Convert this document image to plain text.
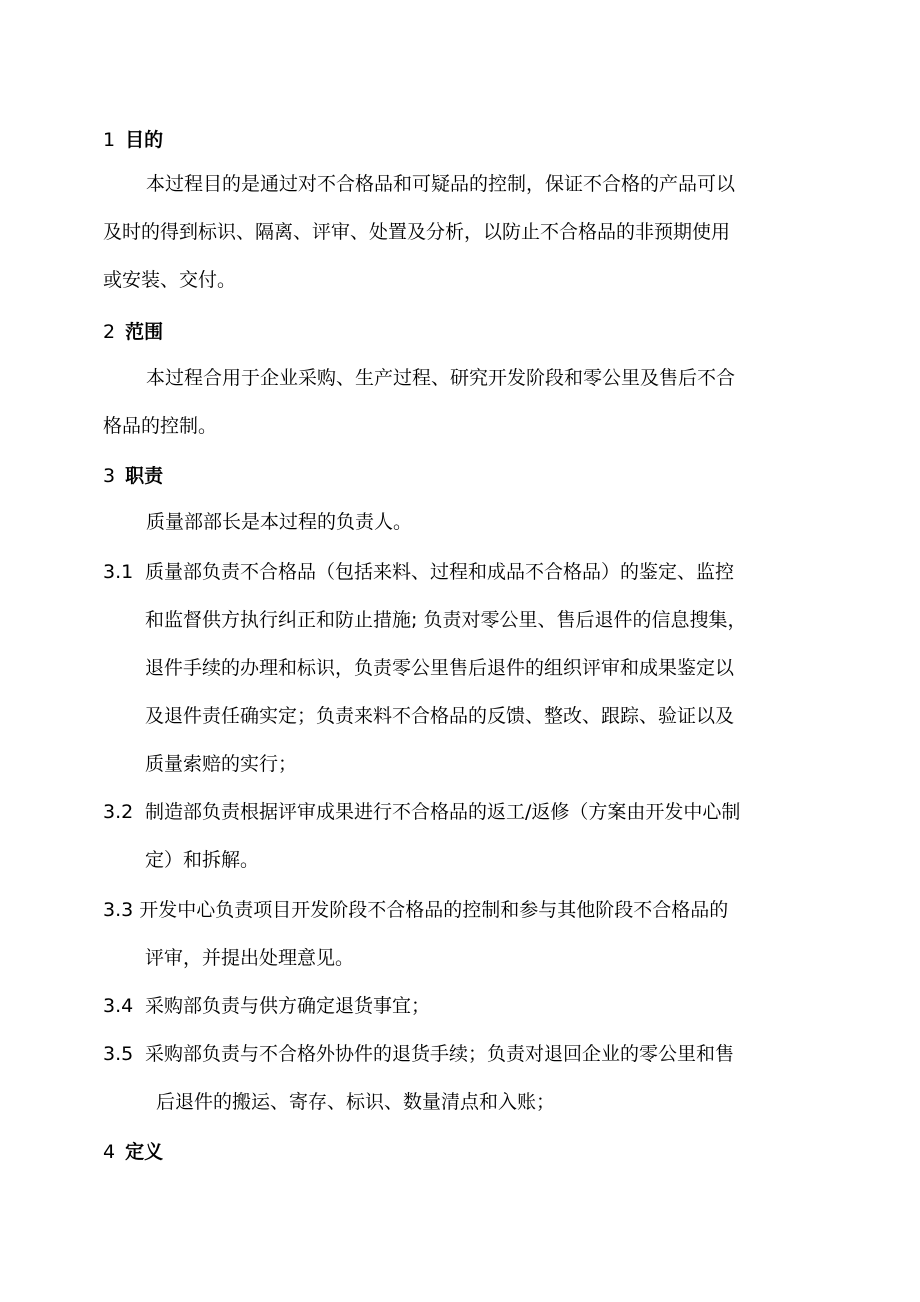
1 目的
本过程目的是通过对不合格品和可疑品的控制，保证不合格的产品可以
及时的得到标识、隔离、评审、处置及分析，以防止不合格品的非预期使用
或安装、交付。
2 范围
本过程合用于企业采购、生产过程、研究开发阶段和零公里及售后不合
格品的控制。
3 职责
质量部部长是本过程的负责人。
3.1 质量部负责不合格品（包括来料、过程和成品不合格品）的鉴定、监控
和监督供方执行纠正和防止措施; 负责对零公里、售后退件的信息搜集，
退件手续的办理和标识，负责零公里售后退件的组织评审和成果鉴定以
及退件责任确实定；负责来料不合格品的反馈、整改、跟踪、验证以及
质量索赔的实行；
3.2 制造部负责根据评审成果进行不合格品的返工/返修（方案由开发中心制
定）和拆解。
3.3 开发中心负责项目开发阶段不合格品的控制和参与其他阶段不合格品的
评审，并提出处理意见。
3.4 采购部负责与供方确定退货事宜；
3.5 采购部负责与不合格外协件的退货手续；负责对退回企业的零公里和售
后退件的搬运、寄存、标识、数量清点和入账；
4 定义
